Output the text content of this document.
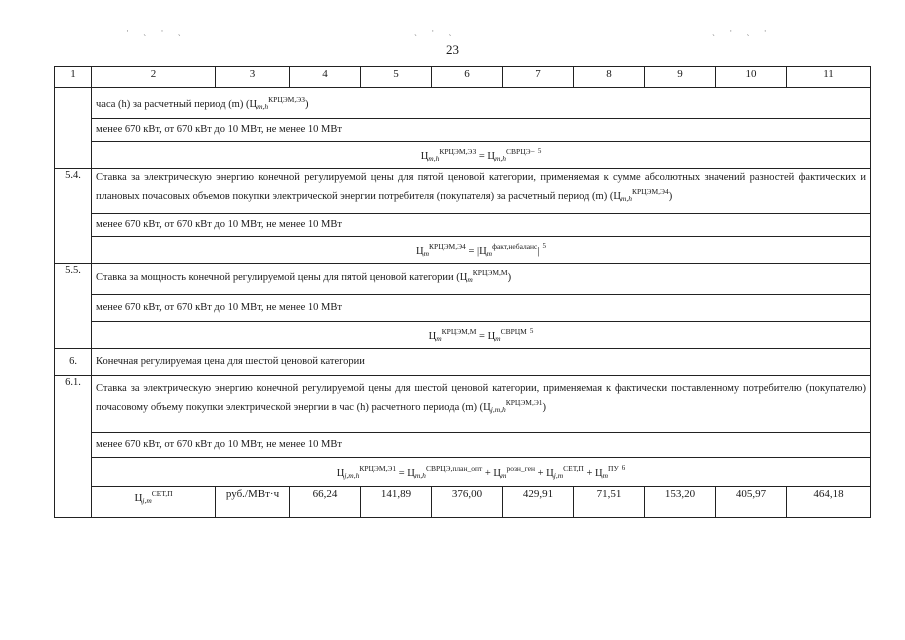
· ˏ · ˎ	ˏ · ˎ	ˏ · ˎ ·
23
1	2	3	4	5	6	7	8	9	10	11
	часа (h) за расчетный период (m) $(Ц_{m,h}^{КРЦЭМ,ЭЗ})$									
	менее 670 кВт, от 670 кВт до 10 МВт, не менее 10 МВт									
	$Ц_{m,h}^{КРЦЭМ,ЭЗ} = Ц_{m,h}^{СВРЦЭ-}$ $^5$
5.4.	Ставка за электрическую энергию конечной регулируемой цены для пятой ценовой категории, применяемая к сумме абсолютных значений разностей фактических и плановых почасовых объемов покупки электрической энергии потребителя (покупателя) за расчетный период (m) $(Ц_{m,h}^{КРЦЭМ,Э4})$									
	менее 670 кВт, от 670 кВт до 10 МВт, не менее 10 МВт									
	$Ц_m^{КРЦЭМ,Э4} = |Ц_m^{факт,небаланс}|$ $^5$
5.5.	Ставка за мощность конечной регулируемой цены для пятой ценовой категории $(Ц_m^{КРЦЭМ,М})$									
	менее 670 кВт, от 670 кВт до 10 МВт, не менее 10 МВт									
	$Ц_m^{КРЦЭМ,М} = Ц_m^{СВРЦМ}$ $^5$
6.	Конечная регулируемая цена для шестой ценовой категории									
6.1.	Ставка за электрическую энергию конечной регулируемой цены для шестой ценовой категории, применяемая к фактически поставленному потребителю (покупателю) почасовому объему покупки электрической энергии в час (h) расчетного периода (m) $(Ц_{j,m,h}^{КРЦЭМ,Э1})$									
	менее 670 кВт, от 670 кВт до 10 МВт, не менее 10 МВт									
	$Ц_{j,m,h}^{КРЦЭМ,Э1} = Ц_{m,h}^{СВРЦЭ,план\_опт} + Ц_m^{розн\_ген} + Ц_{j,m}^{СЕТ,П} + Ц_m^{ПУ}$ $^6$
	$Ц_{j,m}^{СЕТ,П}$	руб./МВт·ч	66,24	141,89	376,00	429,91	71,51	153,20	405,97	464,18
